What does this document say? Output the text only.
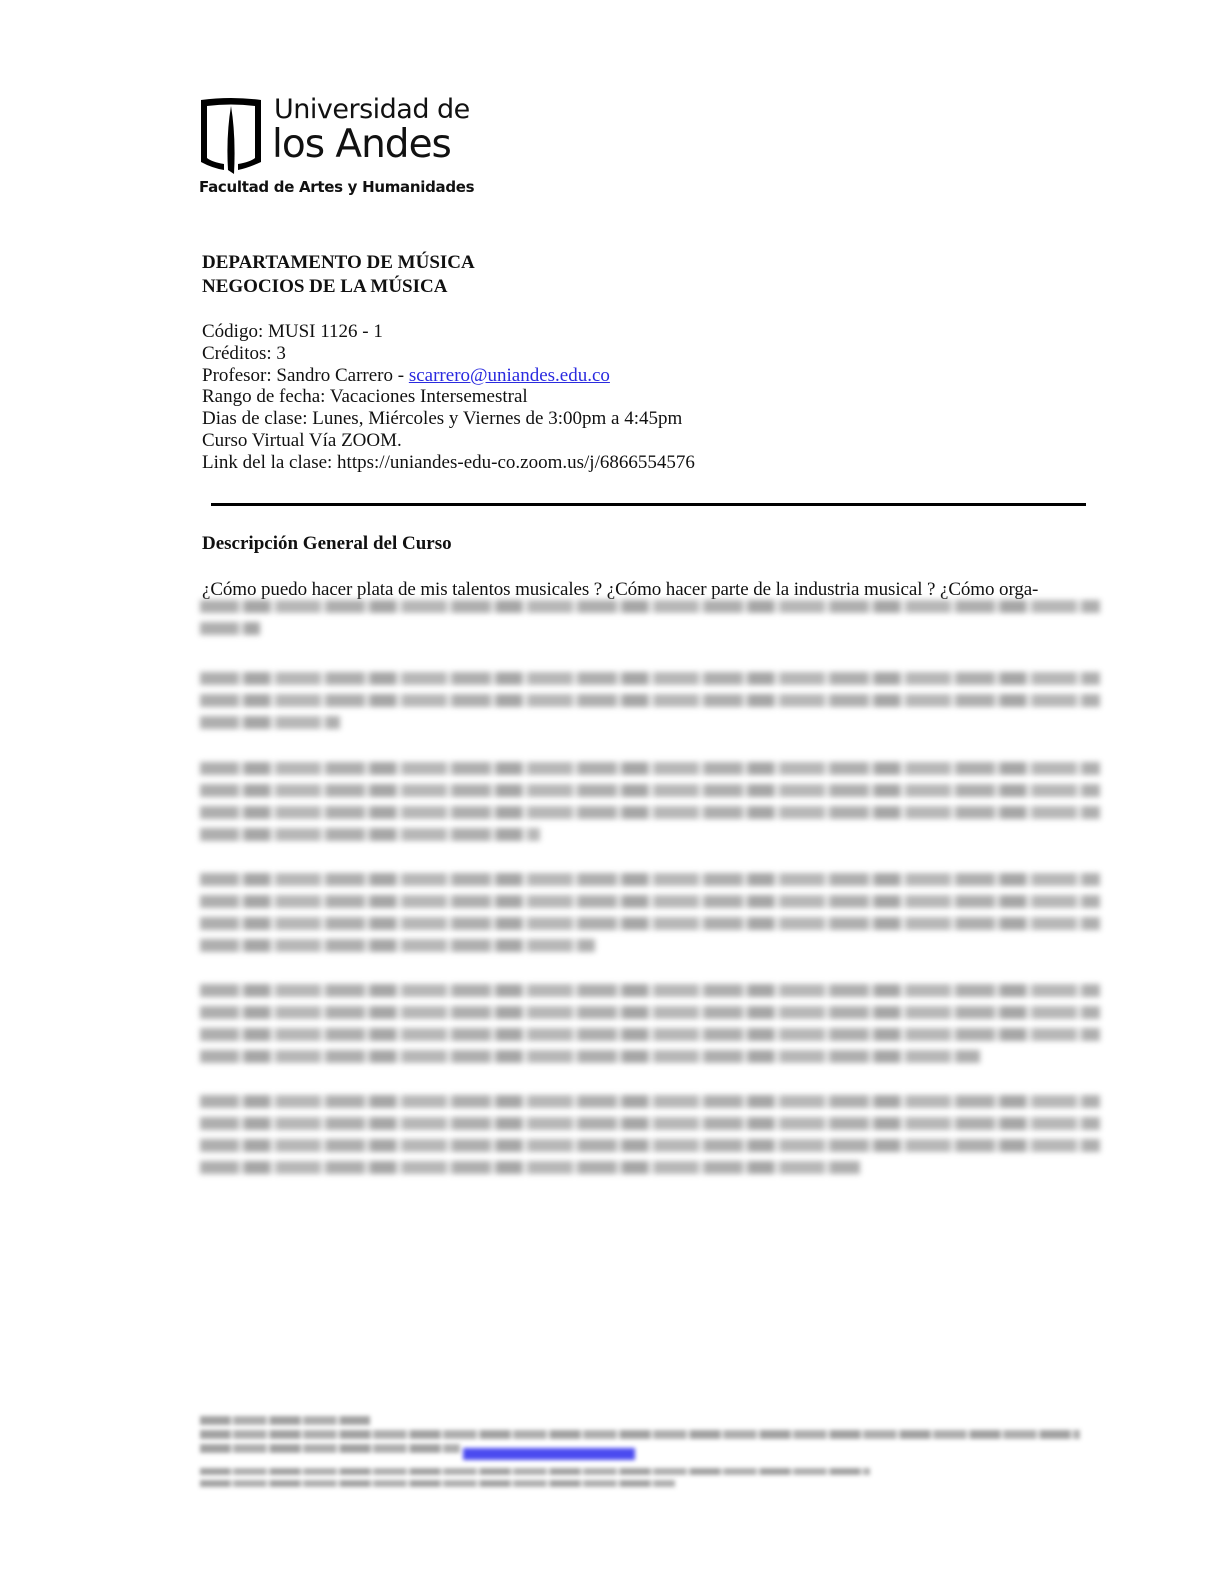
Universidad de
los Andes
Facultad de Artes y Humanidades
DEPARTAMENTO DE MÚSICA
NEGOCIOS DE LA MÚSICA
Código: MUSI 1126 - 1
Créditos: 3
Profesor: Sandro Carrero - scarrero@uniandes.edu.co
Rango de fecha: Vacaciones Intersemestral
Dias de clase: Lunes, Miércoles y Viernes de 3:00pm a 4:45pm
Curso Virtual Vía ZOOM.
Link del la clase: https://uniandes-edu-co.zoom.us/j/6866554576
Descripción General del Curso
¿Cómo puedo hacer plata de mis talentos musicales ? ¿Cómo hacer parte de la industria musical ? ¿Cómo orga-
